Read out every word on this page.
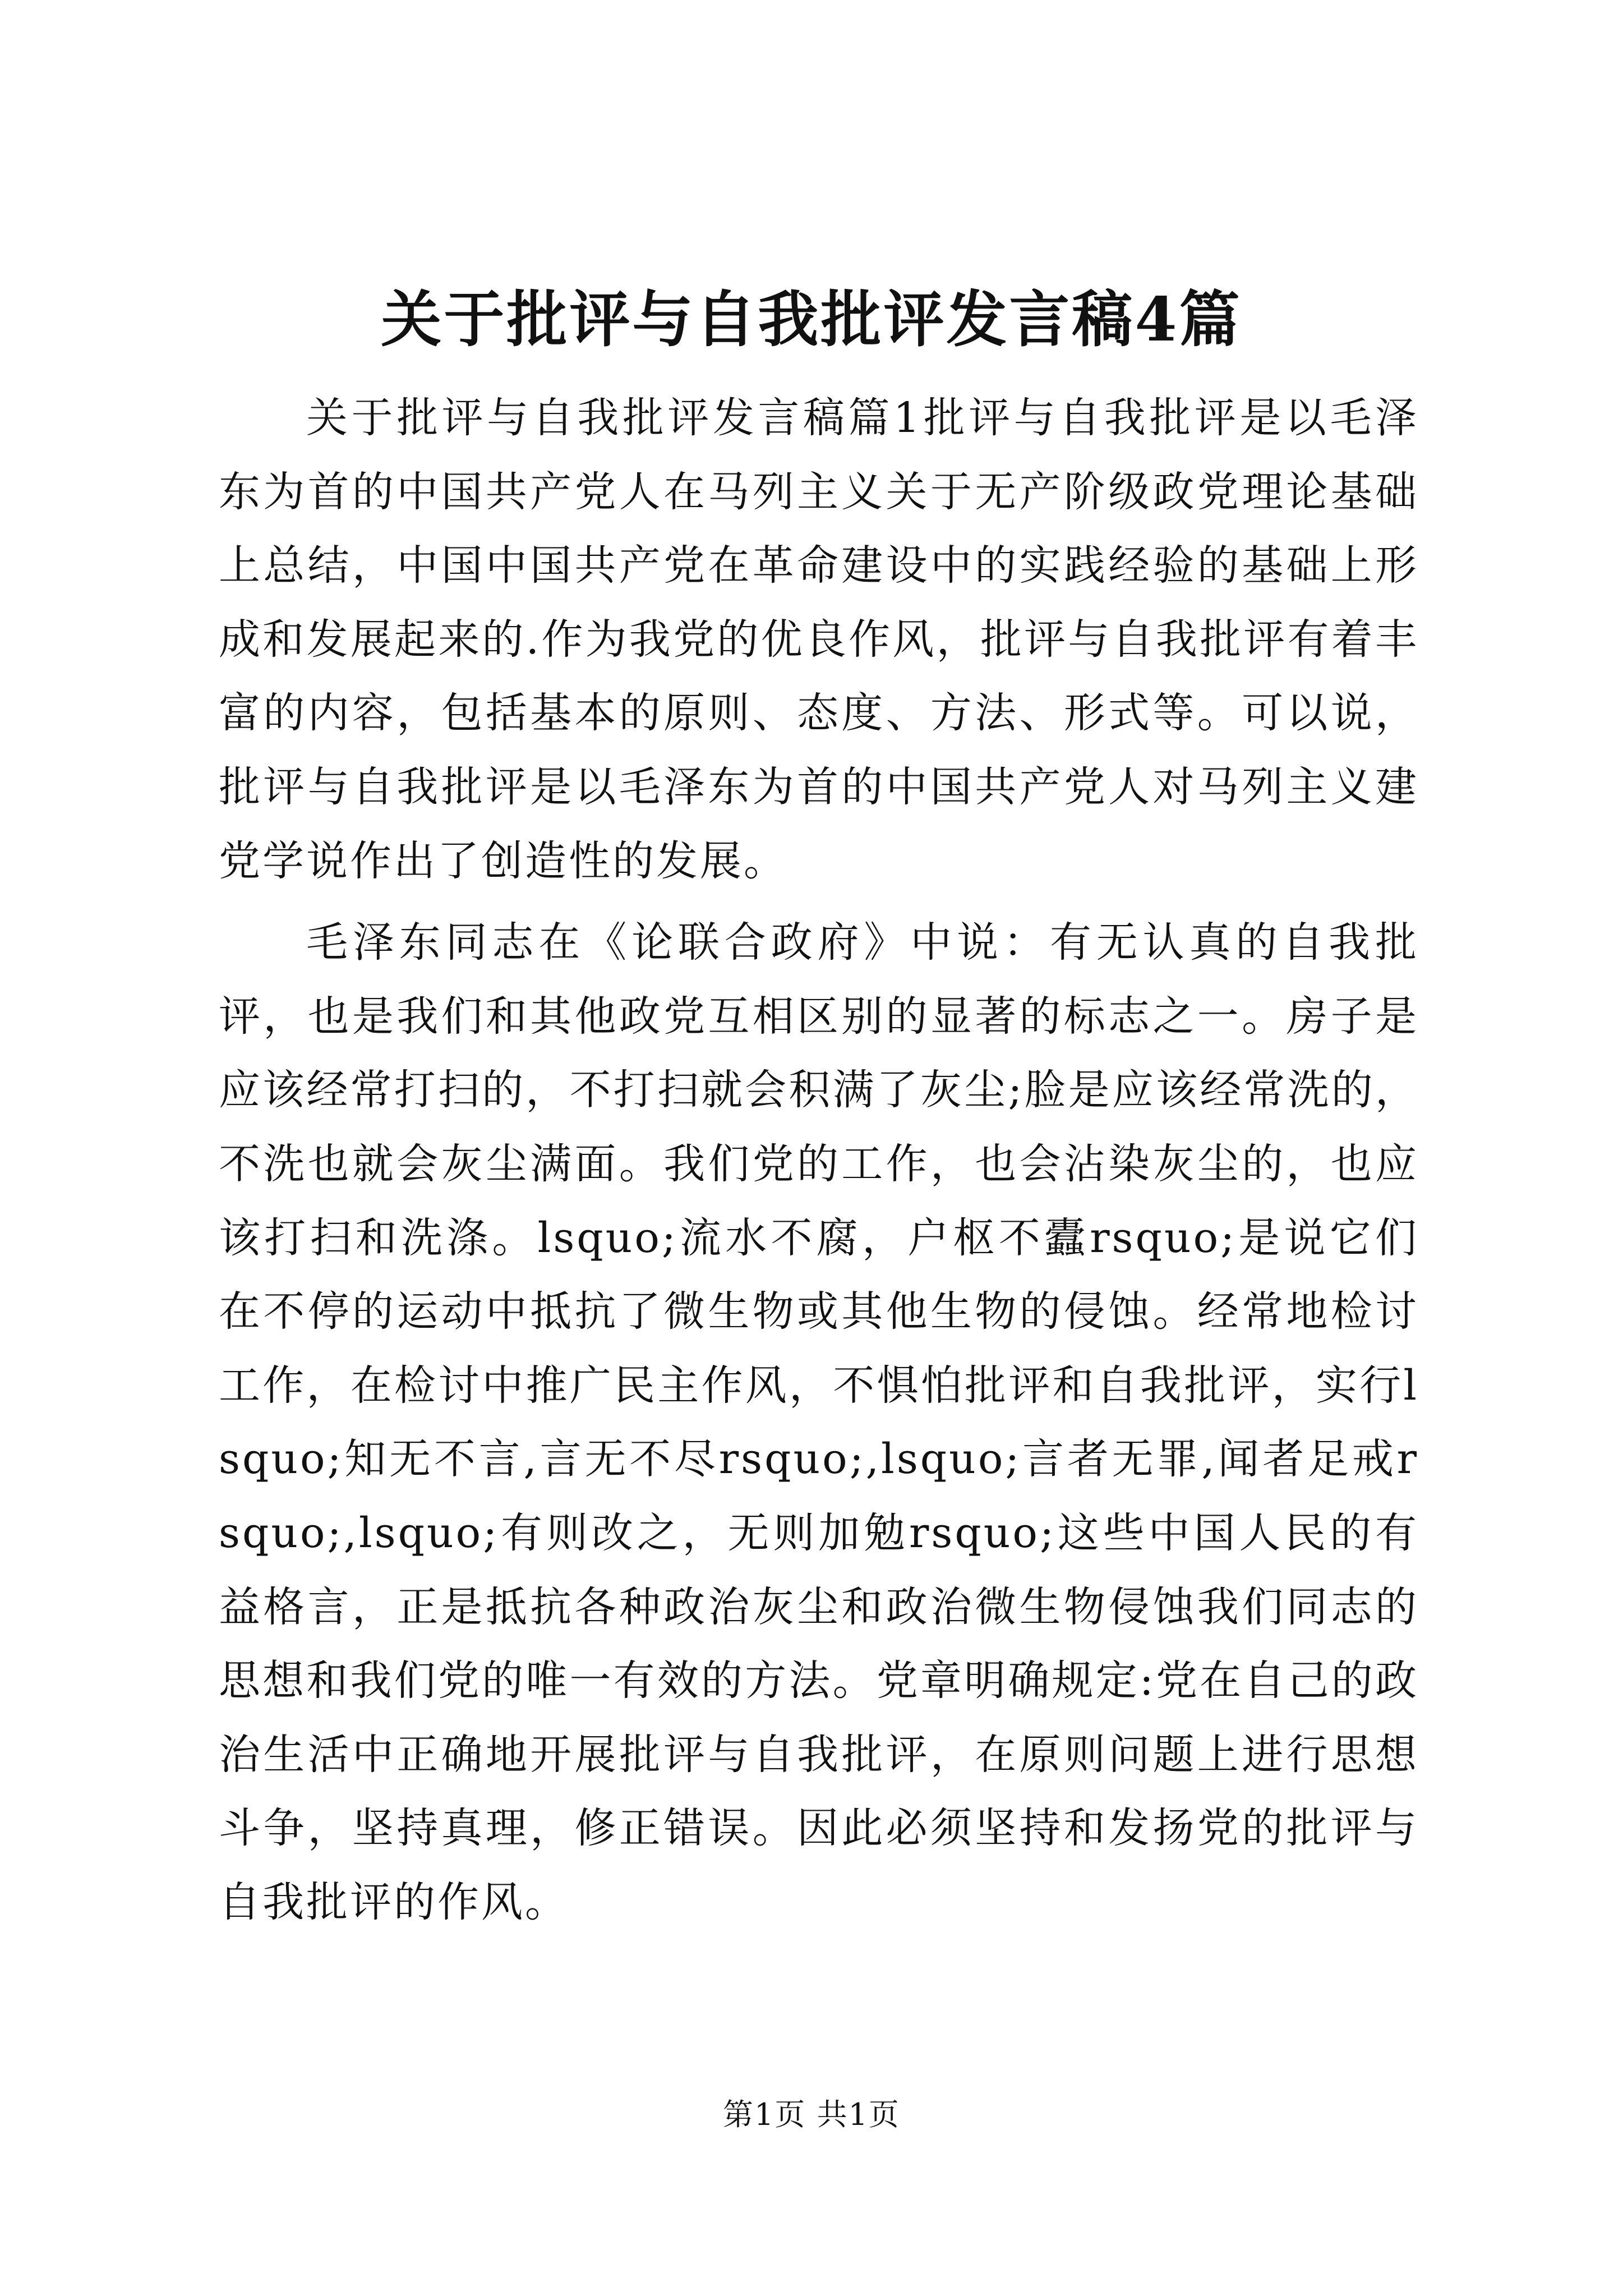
关于批评与自我批评发言稿4篇

关于批评与自我批评发言稿篇1批评与自我批评是以毛泽东为首的中国共产党人在马列主义关于无产阶级政党理论基础上总结，中国中国共产党在革命建设中的实践经验的基础上形成和发展起来的.作为我党的优良作风，批评与自我批评有着丰富的内容，包括基本的原则、态度、方法、形式等。可以说，批评与自我批评是以毛泽东为首的中国共产党人对马列主义建党学说作出了创造性的发展。

毛泽东同志在《论联合政府》中说：有无认真的自我批评，也是我们和其他政党互相区别的显著的标志之一。房子是应该经常打扫的，不打扫就会积满了灰尘;脸是应该经常洗的，不洗也就会灰尘满面。我们党的工作，也会沾染灰尘的，也应该打扫和洗涤。lsquo;流水不腐，户枢不蠹rsquo;是说它们在不停的运动中抵抗了微生物或其他生物的侵蚀。经常地检讨工作，在检讨中推广民主作风，不惧怕批评和自我批评，实行lsquo;知无不言,言无不尽rsquo;,lsquo;言者无罪,闻者足戒rsquo;,lsquo;有则改之，无则加勉rsquo;这些中国人民的有益格言，正是抵抗各种政治灰尘和政治微生物侵蚀我们同志的思想和我们党的唯一有效的方法。党章明确规定:党在自己的政治生活中正确地开展批评与自我批评，在原则问题上进行思想斗争，坚持真理，修正错误。因此必须坚持和发扬党的批评与自我批评的作风。

第1页 共1页
